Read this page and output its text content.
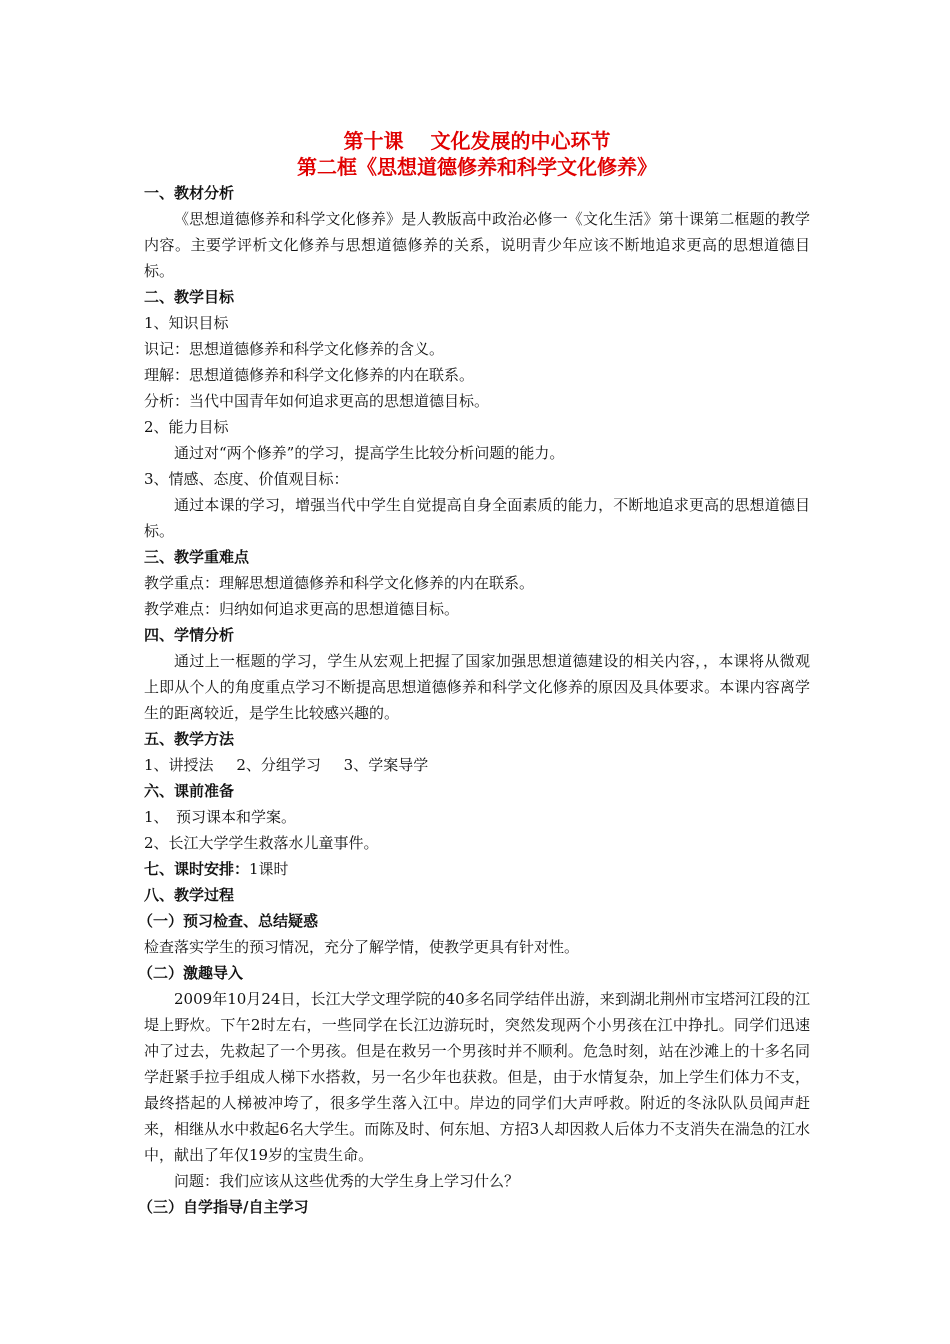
第十课　 文化发展的中心环节
第二框《思想道德修养和科学文化修养》
一、教材分析
《思想道德修养和科学文化修养》是人教版高中政治必修一《文化生活》第十课第二框题的教学内容。主要学评析文化修养与思想道德修养的关系，说明青少年应该不断地追求更高的思想道德目标。
二、教学目标
1、知识目标
识记：思想道德修养和科学文化修养的含义。
理解：思想道德修养和科学文化修养的内在联系。
分析：当代中国青年如何追求更高的思想道德目标。
2、能力目标
通过对“两个修养”的学习，提高学生比较分析问题的能力。
3、情感、态度、价值观目标：
通过本课的学习，增强当代中学生自觉提高自身全面素质的能力，不断地追求更高的思想道德目标。
三、教学重难点
教学重点：理解思想道德修养和科学文化修养的内在联系。
教学难点：归纳如何追求更高的思想道德目标。
四、学情分析
通过上一框题的学习，学生从宏观上把握了国家加强思想道德建设的相关内容，，本课将从微观上即从个人的角度重点学习不断提高思想道德修养和科学文化修养的原因及具体要求。本课内容离学生的距离较近，是学生比较感兴趣的。
五、教学方法
1、讲授法 2、分组学习 3、学案导学
六、课前准备
1、　预习课本和学案。
2、长江大学学生救落水儿童事件。
七、课时安排：1课时
八、教学过程
（一）预习检查、总结疑惑
检查落实学生的预习情况，充分了解学情，使教学更具有针对性。
（二）激趣导入
2009年10月24日，长江大学文理学院的40多名同学结伴出游，来到湖北荆州市宝塔河江段的江堤上野炊。下午2时左右，一些同学在长江边游玩时，突然发现两个小男孩在江中挣扎。同学们迅速冲了过去，先救起了一个男孩。但是在救另一个男孩时并不顺利。危急时刻，站在沙滩上的十多名同学赶紧手拉手组成人梯下水搭救，另一名少年也获救。但是，由于水情复杂，加上学生们体力不支，最终搭起的人梯被冲垮了，很多学生落入江中。岸边的同学们大声呼救。附近的冬泳队队员闻声赶来，相继从水中救起6名大学生。而陈及时、何东旭、方招3人却因救人后体力不支消失在湍急的江水中，献出了年仅19岁的宝贵生命。
问题：我们应该从这些优秀的大学生身上学习什么？
（三）自学指导/自主学习
